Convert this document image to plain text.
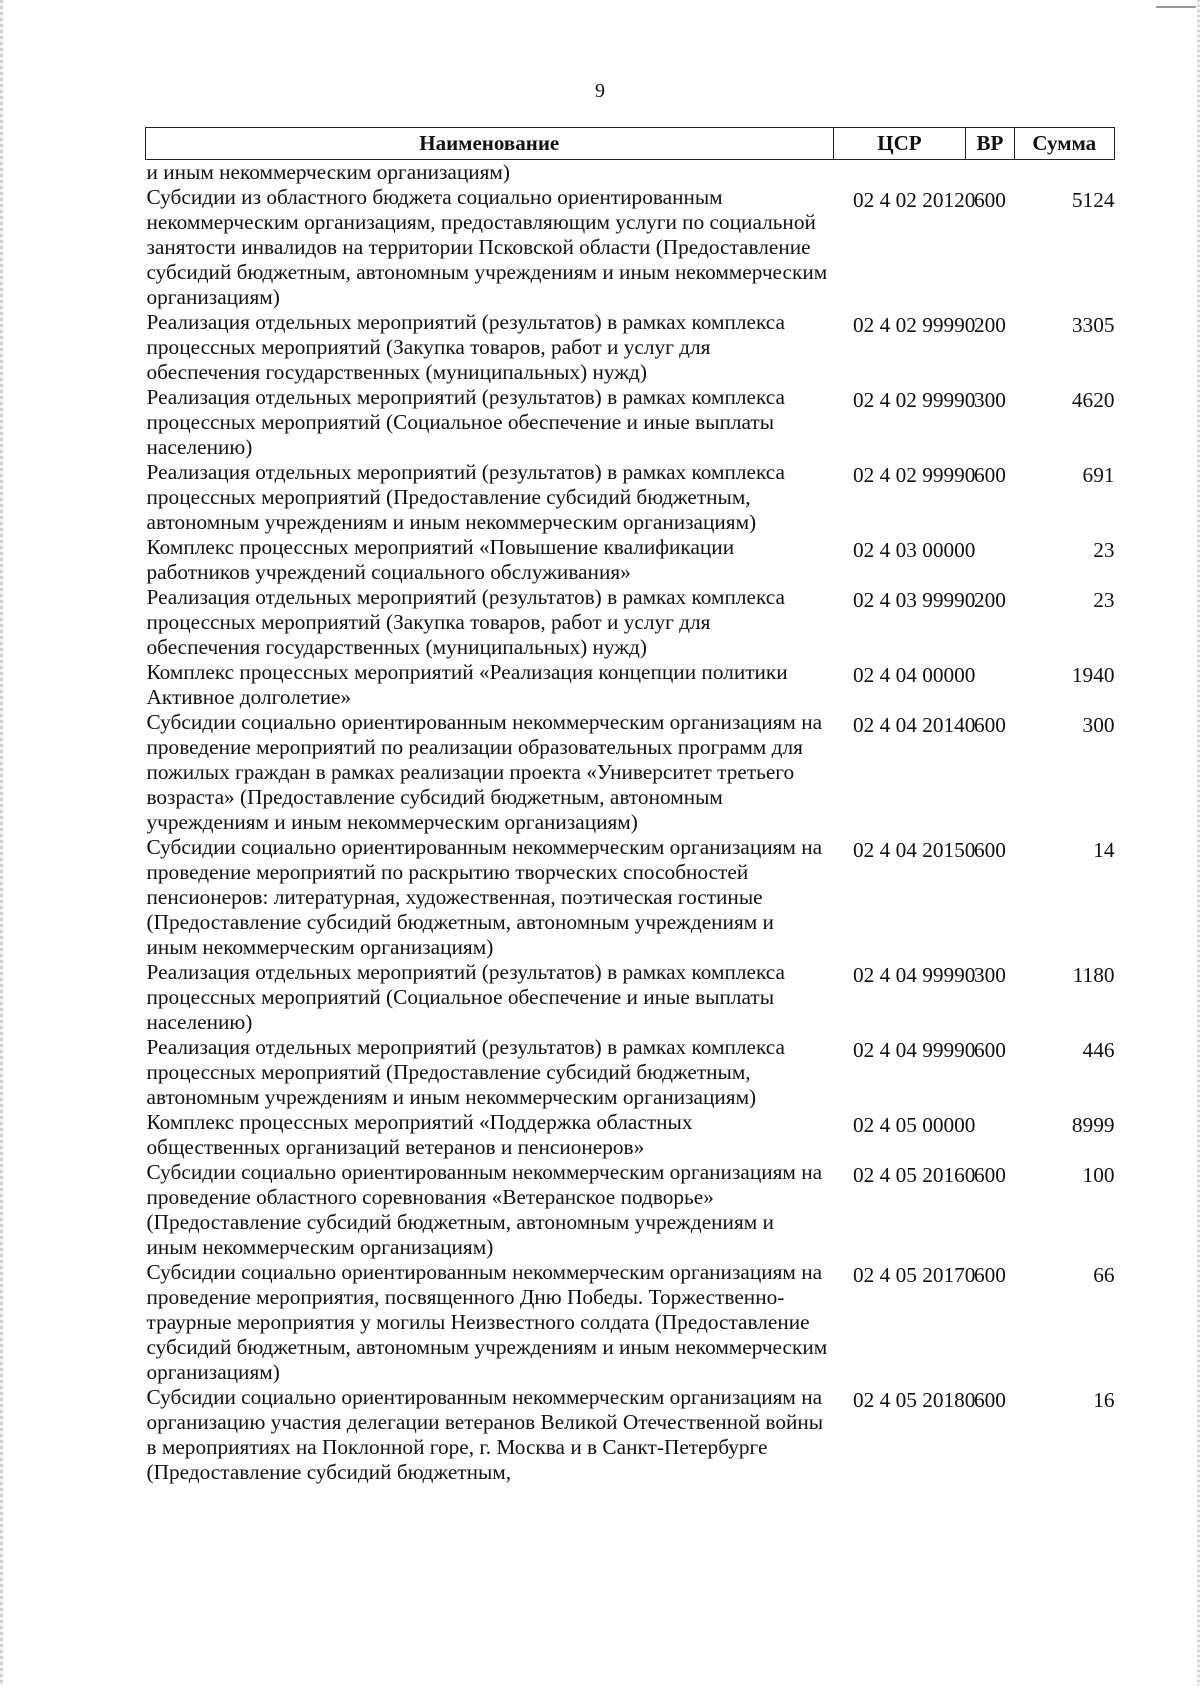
9
Наименование	ЦСР	ВР	Сумма
и иным некоммерческим организациям)			
Субсидии из областного бюджета социально ориентированным некоммерческим организациям, предоставляющим услуги по социальной занятости инвалидов на территории Псковской области (Предоставление субсидий бюджетным, автономным учреждениям и иным некоммерческим организациям)	02 4 02 20120	600	5124
Реализация отдельных мероприятий (результатов) в рамках комплекса процессных мероприятий (Закупка товаров, работ и услуг для обеспечения государственных (муниципальных) нужд)	02 4 02 99990	200	3305
Реализация отдельных мероприятий (результатов) в рамках комплекса процессных мероприятий (Социальное обеспечение и иные выплаты населению)	02 4 02 99990	300	4620
Реализация отдельных мероприятий (результатов) в рамках комплекса процессных мероприятий (Предоставление субсидий бюджетным, автономным учреждениям и иным некоммерческим организациям)	02 4 02 99990	600	691
Комплекс процессных мероприятий «Повышение квалификации работников учреждений социального обслуживания»	02 4 03 00000		23
Реализация отдельных мероприятий (результатов) в рамках комплекса процессных мероприятий (Закупка товаров, работ и услуг для обеспечения государственных (муниципальных) нужд)	02 4 03 99990	200	23
Комплекс процессных мероприятий «Реализация концепции политики Активное долголетие»	02 4 04 00000		1940
Субсидии социально ориентированным некоммерческим организациям на проведение мероприятий по реализации образовательных программ для пожилых граждан в рамках реализации проекта «Университет третьего возраста» (Предоставление субсидий бюджетным, автономным учреждениям и иным некоммерческим организациям)	02 4 04 20140	600	300
Субсидии социально ориентированным некоммерческим организациям на проведение мероприятий по раскрытию творческих способностей пенсионеров: литературная, художественная, поэтическая гостиные (Предоставление субсидий бюджетным, автономным учреждениям и иным некоммерческим организациям)	02 4 04 20150	600	14
Реализация отдельных мероприятий (результатов) в рамках комплекса процессных мероприятий (Социальное обеспечение и иные выплаты населению)	02 4 04 99990	300	1180
Реализация отдельных мероприятий (результатов) в рамках комплекса процессных мероприятий (Предоставление субсидий бюджетным, автономным учреждениям и иным некоммерческим организациям)	02 4 04 99990	600	446
Комплекс процессных мероприятий «Поддержка областных общественных организаций ветеранов и пенсионеров»	02 4 05 00000		8999
Субсидии социально ориентированным некоммерческим организациям на проведение областного соревнования «Ветеранское подворье» (Предоставление субсидий бюджетным, автономным учреждениям и иным некоммерческим организациям)	02 4 05 20160	600	100
Субсидии социально ориентированным некоммерческим организациям на проведение мероприятия, посвященного Дню Победы. Торжественно-траурные мероприятия у могилы Неизвестного солдата (Предоставление субсидий бюджетным, автономным учреждениям и иным некоммерческим организациям)	02 4 05 20170	600	66
Субсидии социально ориентированным некоммерческим организациям на организацию участия делегации ветеранов Великой Отечественной войны в мероприятиях на Поклонной горе, г. Москва и в Санкт-Петербурге (Предоставление субсидий бюджетным,	02 4 05 20180	600	16
